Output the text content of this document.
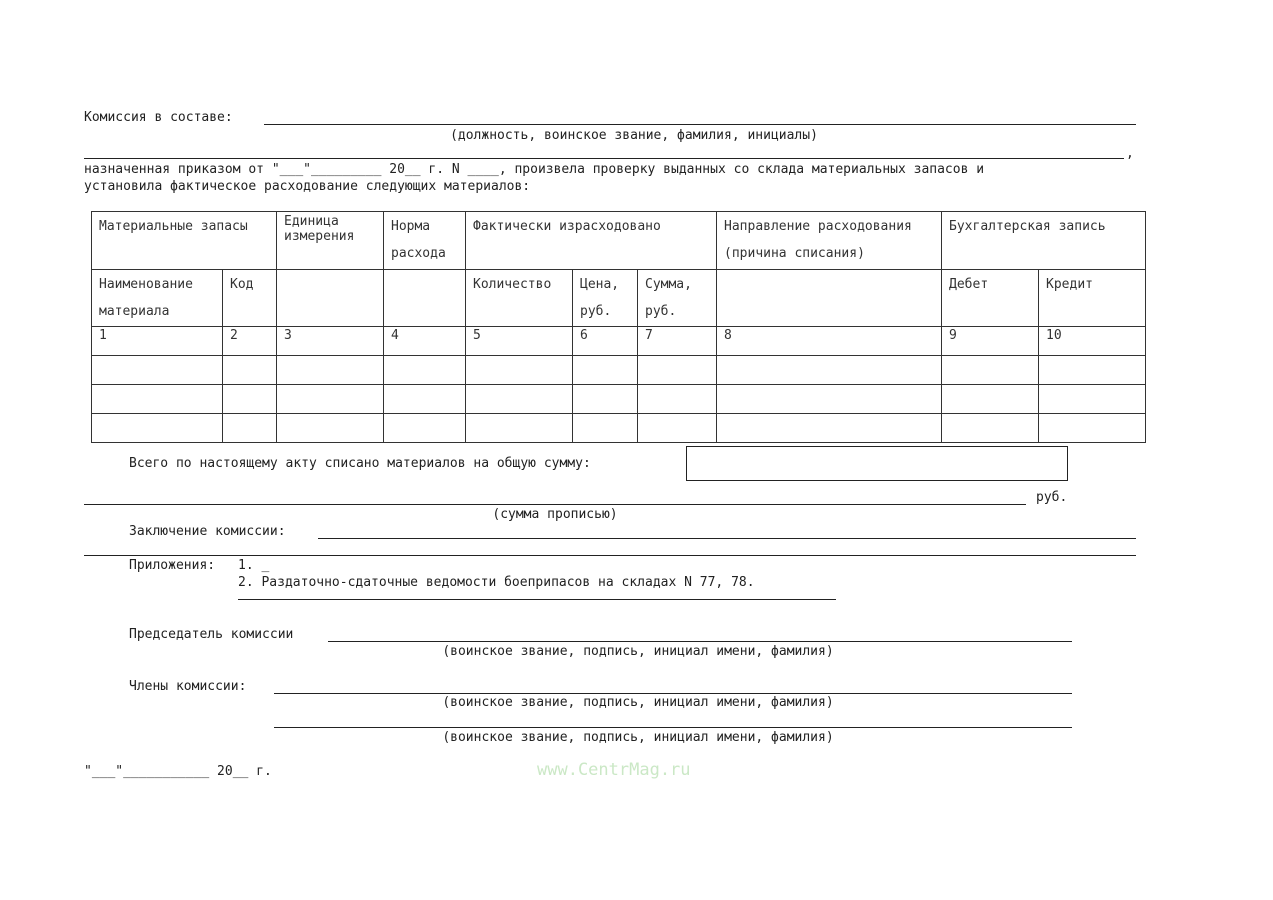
Комиссия в составе:
(должность, воинское звание, фамилия, инициалы)
,
назначенная приказом от "___"_________ 20__ г. N ____, произвела проверку выданных со склада материальных запасов и
установила фактическое расходование следующих материалов:
Материальные запасы		Единица измерения	Норма расхода	Фактически израсходовано			Направление расходования (причина списания)	Бухгалтерская запись	
Наименование материала	Код			Количество	Цена, руб.	Сумма, руб.		Дебет	Кредит
1	2	3	4	5	6	7	8	9	10

Всего по настоящему акту списано материалов на общую сумму:
руб.
(сумма прописью)
Заключение комиссии:
Приложения: 1. _
2. Раздаточно-сдаточные ведомости боеприпасов на складах N 77, 78.
Председатель комиссии
(воинское звание, подпись, инициал имени, фамилия)
Члены комиссии:
(воинское звание, подпись, инициал имени, фамилия)
(воинское звание, подпись, инициал имени, фамилия)
"___"___________ 20__ г.	www.CentrMag.ru
